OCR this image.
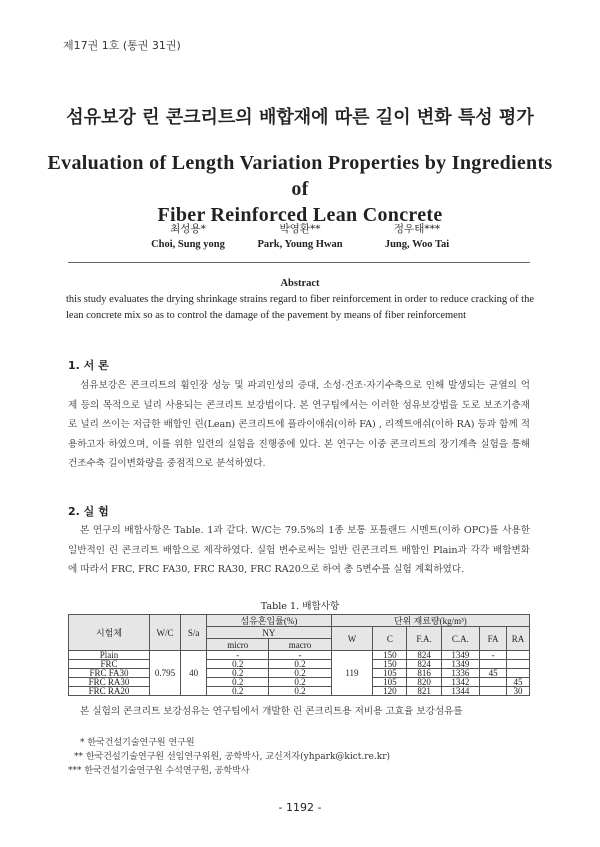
제17권 1호 (통권 31권)
섬유보강 린 콘크리트의 배합재에 따른 길이 변화 특성 평가
Evaluation of Length Variation Properties by Ingredients of
Fiber Reinforced Lean Concrete
최성용*
Choi, Sung yong
박영환**
Park, Young Hwan
정우태***
Jung, Woo Tai
Abstract
this study evaluates the drying shrinkage strains regard to fiber reinforcement in order to reduce cracking of the lean concrete mix so as to control the damage of the pavement by means of fiber reinforcement
1. 서 론
섬유보강은 콘크리트의 휨인장 성능 및 파괴인성의 증대, 소성·건조·자기수축으로 인해 발생되는 균열의 억제 등의 목적으로 널리 사용되는 콘크리트 보강법이다. 본 연구팀에서는 이러한 섬유보강법을 도로 보조기층재로 널리 쓰이는 저급한 배합인 린(Lean) 콘크리트에 플라이애쉬(이하 FA) , 리젝트애쉬(이하 RA) 등과 함께 적용하고자 하였으며, 이를 위한 일련의 실험을 진행중에 있다. 본 연구는 이중 콘크리트의 장기계측 실험을 통해 건조수축 길이변화량을 중점적으로 분석하였다.
2. 실 험
본 연구의 배합사항은 Table. 1과 같다. W/C는 79.5%의 1종 보통 포틀랜드 시멘트(이하 OPC)를 사용한 일반적인 린 콘크리트 배합으로 제작하였다. 실험 변수로써는 일반 린콘크리트 배합인 Plain과 각각 배합변화에 따라서 FRC, FRC FA30, FRC RA30, FRC RA20으로 하여 총 5변수를 실험 계획하였다.
Table 1. 배합사항
시험체	W/C	S/a	섬유혼입률(%)		단위 재료량(kg/m³)					
			NY		W	C	F.A.	C.A.	FA	RA
			micro	macro						
Plain	0.795	40	-	-	119	150	824	1349	-	
FRC			0.2	0.2		150	824	1349		
FRC FA30			0.2	0.2		105	816	1336	45	
FRC RA30			0.2	0.2		105	820	1342		45
FRC RA20			0.2	0.2		120	821	1344		30
본 실험의 콘크리트 보강섬유는 연구팀에서 개발한 린 콘크리트용 저비용 고효율 보강섬유를
* 한국건설기술연구원 연구원
** 한국건설기술연구원 선임연구위원, 공학박사, 교신저자(yhpark@kict.re.kr)
*** 한국건설기술연구원 수석연구원, 공학박사
- 1192 -
